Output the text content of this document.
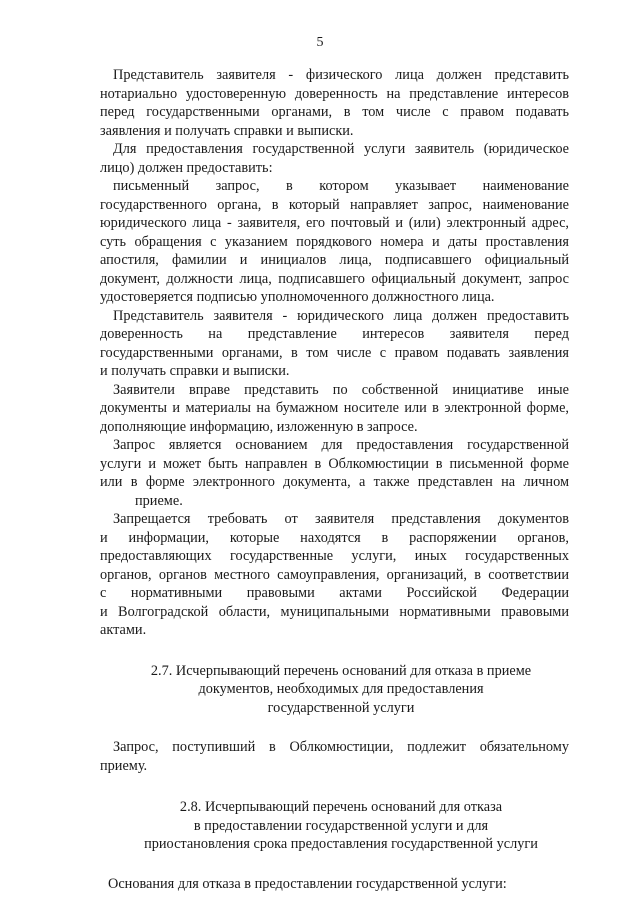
5
Представитель заявителя - физического лица должен представить
нотариально удостоверенную доверенность на представление интересов
перед государственными органами, в том числе с правом подавать
заявления и получать справки и выписки.
Для предоставления государственной услуги заявитель (юридическое
лицо) должен предоставить:
письменный запрос, в котором указывает наименование
государственного органа, в который направляет запрос, наименование
юридического лица - заявителя, его почтовый и (или) электронный адрес,
суть обращения с указанием порядкового номера и даты проставления
апостиля, фамилии и инициалов лица, подписавшего официальный
документ, должности лица, подписавшего официальный документ, запрос
удостоверяется подписью уполномоченного должностного лица.
Представитель заявителя - юридического лица должен предоставить
доверенность на представление интересов заявителя перед
государственными органами, в том числе с правом подавать заявления
и получать справки и выписки.
Заявители вправе представить по собственной инициативе иные
документы и материалы на бумажном носителе или в электронной форме,
дополняющие информацию, изложенную в запросе.
Запрос является основанием для предоставления государственной
услуги и может быть направлен в Облкомюстиции в письменной форме
или в форме электронного документа, а также представлен на личном
приеме.
Запрещается требовать от заявителя представления документов
и информации, которые находятся в распоряжении органов,
предоставляющих государственные услуги, иных государственных
органов, органов местного самоуправления, организаций, в соответствии
с нормативными правовыми актами Российской Федерации
и Волгоградской области, муниципальными нормативными правовыми
актами.
2.7. Исчерпывающий перечень оснований для отказа в приеме
документов, необходимых для предоставления
государственной услуги
Запрос, поступивший в Облкомюстиции, подлежит обязательному
приему.
2.8. Исчерпывающий перечень оснований для отказа
в предоставлении государственной услуги и для
приостановления срока предоставления государственной услуги
Основания для отказа в предоставлении государственной услуги:
